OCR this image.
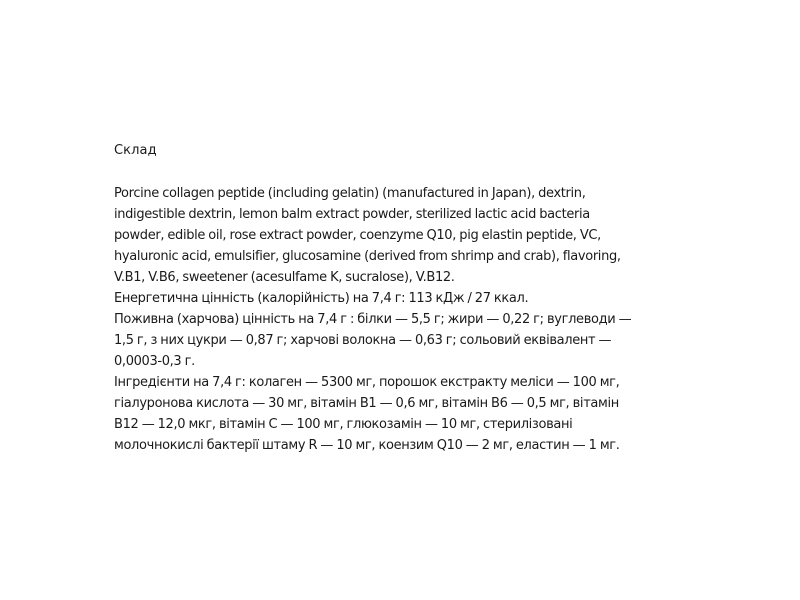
Склад

Porcine collagen peptide (including gelatin) (manufactured in Japan), dextrin,
indigestible dextrin, lemon balm extract powder, sterilized lactic acid bacteria
powder, edible oil, rose extract powder, coenzyme Q10, pig elastin peptide, VC,
hyaluronic acid, emulsifier, glucosamine (derived from shrimp and crab), flavoring,
V.B1, V.B6, sweetener (acesulfame K, sucralose), V.B12.
Енергетична цінність (калорійність) на 7,4 г: 113 кДж / 27 ккал.
Поживна (харчова) цінність на 7,4 г : білки — 5,5 г; жири — 0,22 г; вуглеводи —
1,5 г, з них цукри — 0,87 г; харчові волокна — 0,63 г; сольовий еквівалент —
0,0003-0,3 г.
Інгредієнти на 7,4 г: колаген — 5300 мг, порошок екстракту меліси — 100 мг,
гіалуронова кислота — 30 мг, вітамін B1 — 0,6 мг, вітамін B6 — 0,5 мг, вітамін
B12 — 12,0 мкг, вітамін С — 100 мг, глюкозамін — 10 мг, стерилізовані
молочнокислі бактерії штаму R — 10 мг, коензим Q10 — 2 мг, еластин — 1 мг.
